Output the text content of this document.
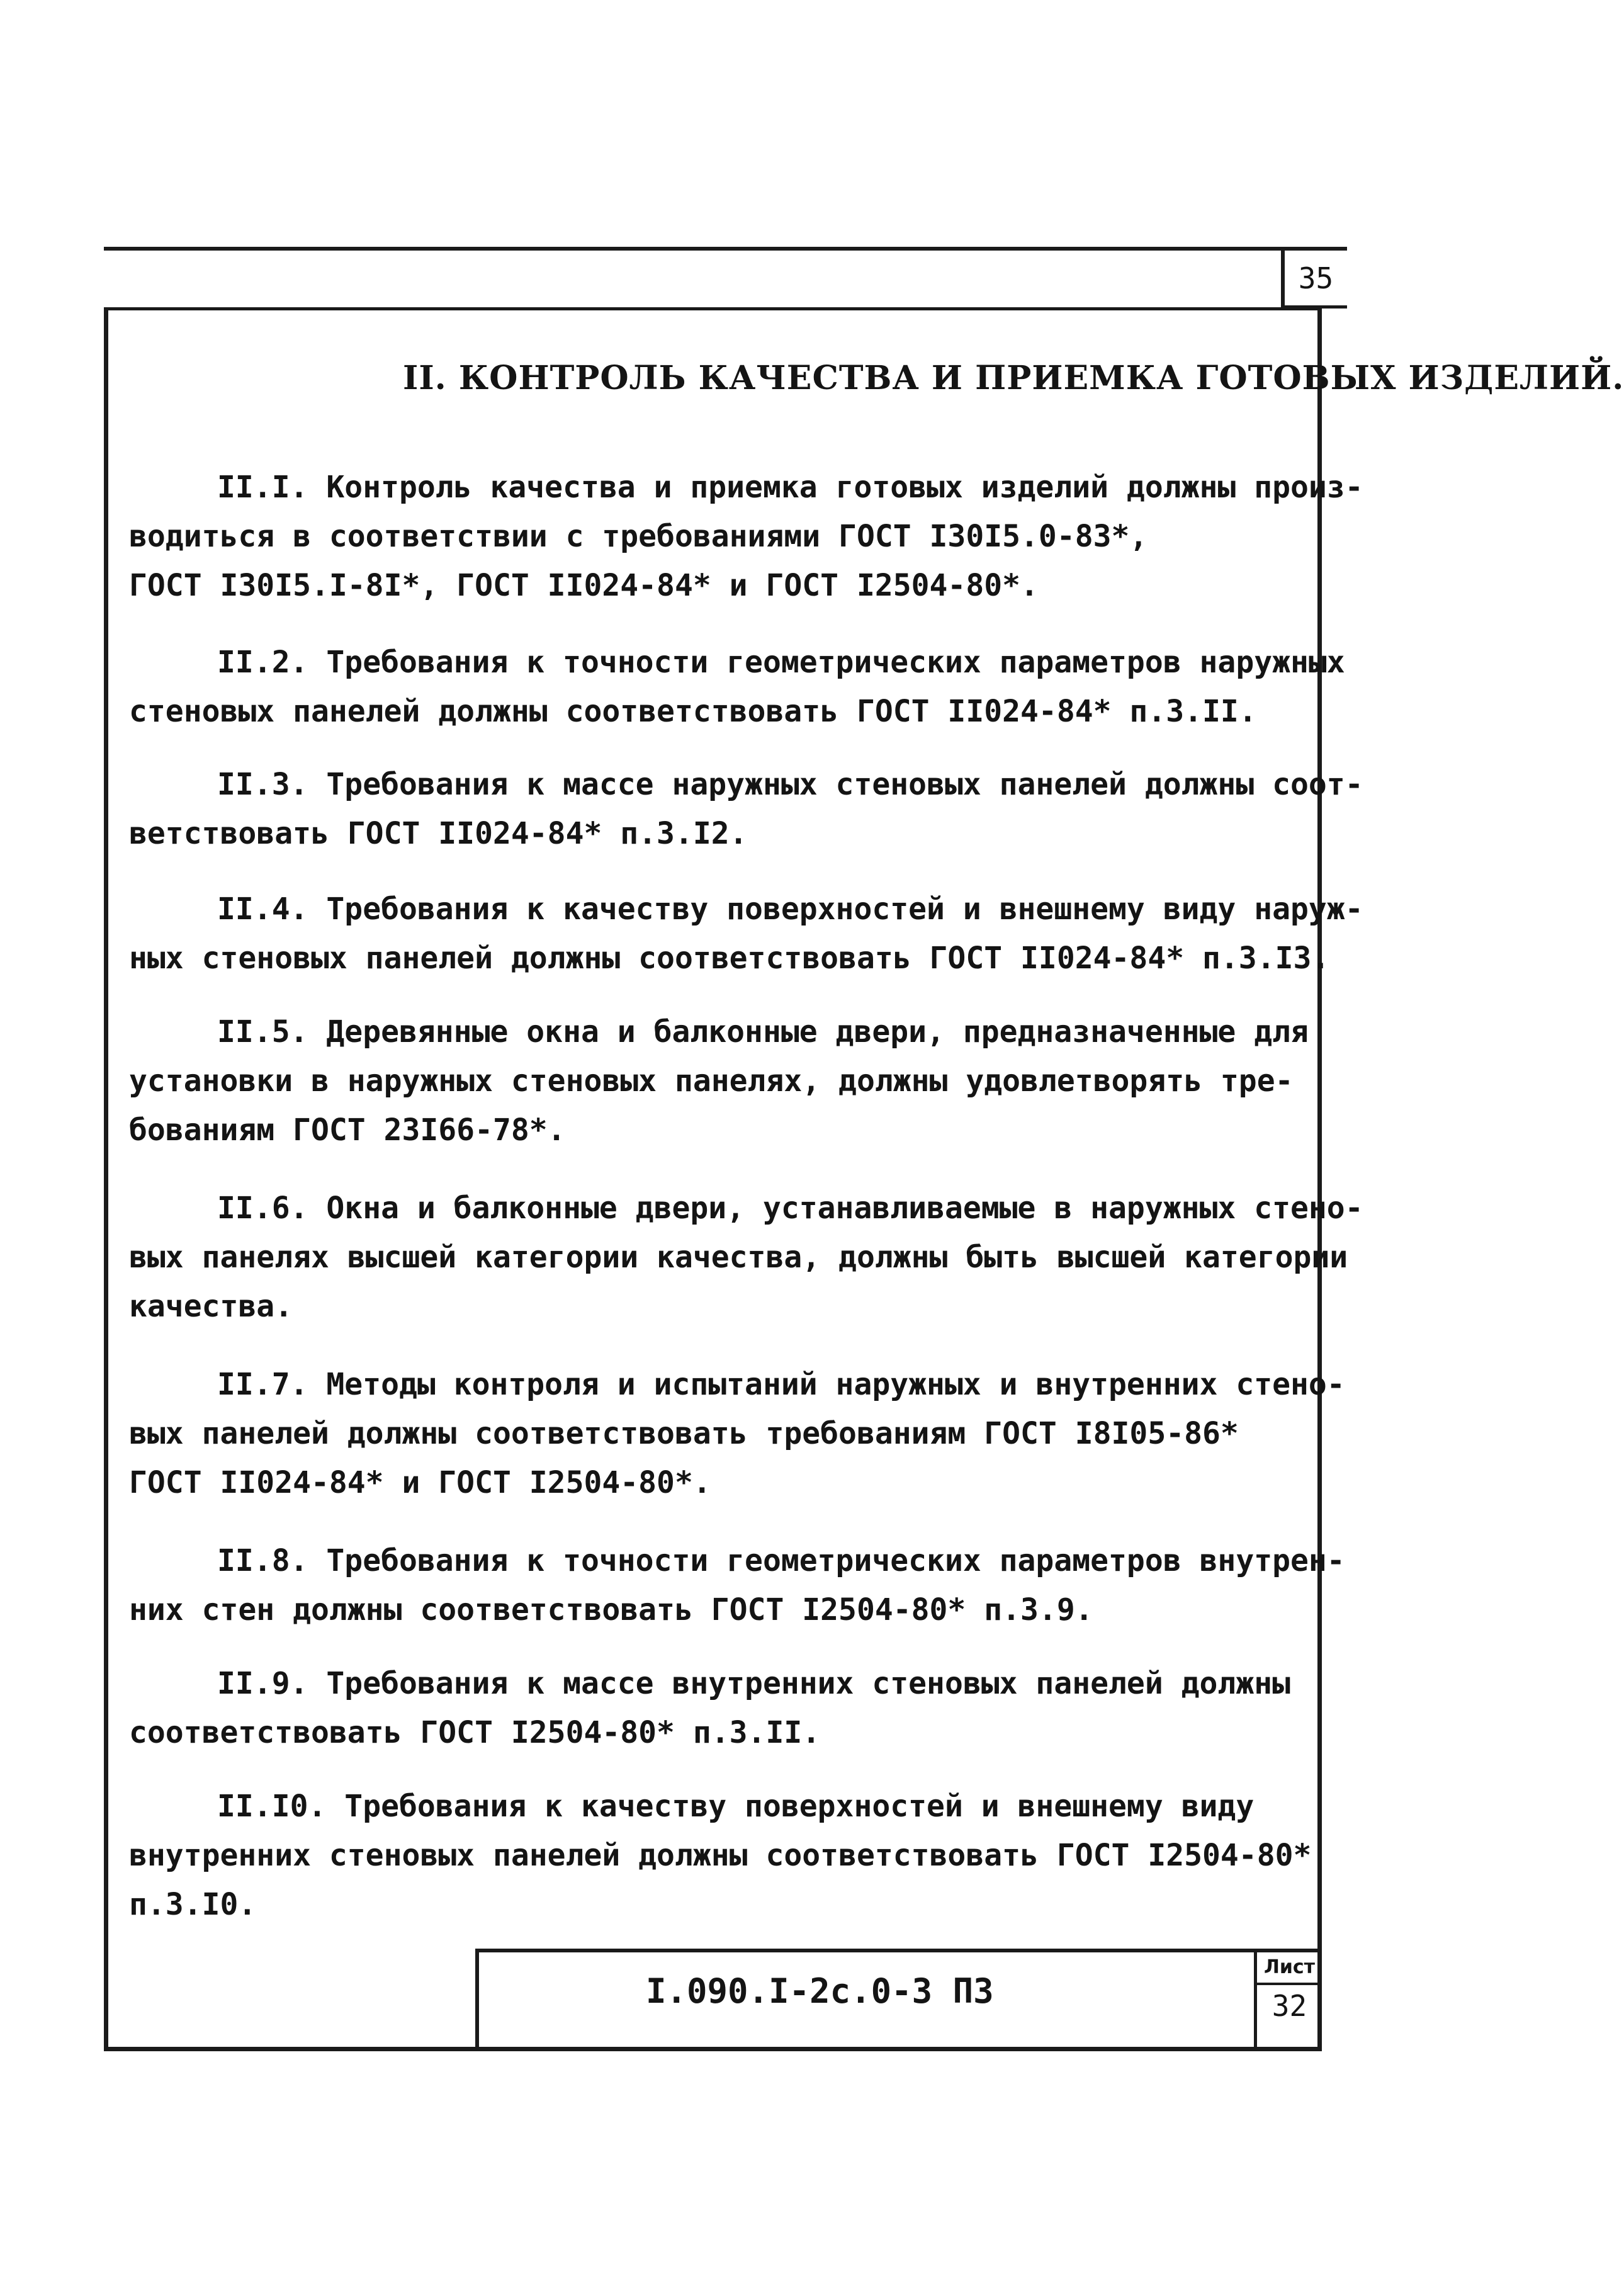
35
II. КОНТРОЛЬ КАЧЕСТВА И ПРИЕМКА ГОТОВЫХ ИЗДЕЛИЙ.
II.I. Контроль качества и приемка готовых изделий должны произ-
водиться в соответствии с требованиями ГОСТ I30I5.0-83*,
ГОСТ I30I5.I-8I*, ГОСТ II024-84* и ГОСТ I2504-80*.
II.2. Требования к точности геометрических параметров наружных
стеновых панелей должны соответствовать ГОСТ II024-84* п.3.II.
II.3. Требования к массе наружных стеновых панелей должны соот-
ветствовать ГОСТ II024-84* п.3.I2.
II.4. Требования к качеству поверхностей и внешнему виду наруж-
ных стеновых панелей должны соответствовать ГОСТ II024-84* п.3.I3.
II.5. Деревянные окна и балконные двери, предназначенные для
установки в наружных стеновых панелях, должны удовлетворять тре-
бованиям ГОСТ 23I66-78*.
II.6. Окна и балконные двери, устанавливаемые в наружных стено-
вых панелях высшей категории качества, должны быть высшей категории
качества.
II.7. Методы контроля и испытаний наружных и внутренних стено-
вых панелей должны соответствовать требованиям ГОСТ I8I05-86*
ГОСТ II024-84* и ГОСТ I2504-80*.
II.8. Требования к точности геометрических параметров внутрен-
них стен должны соответствовать ГОСТ I2504-80* п.3.9.
II.9. Требования к массе внутренних стеновых панелей должны
соответствовать ГОСТ I2504-80* п.3.II.
II.I0. Требования к качеству поверхностей и внешнему виду
внутренних стеновых панелей должны соответствовать ГОСТ I2504-80*
п.3.I0.
I.090.I-2с.0-3 ПЗ
Лист
32
